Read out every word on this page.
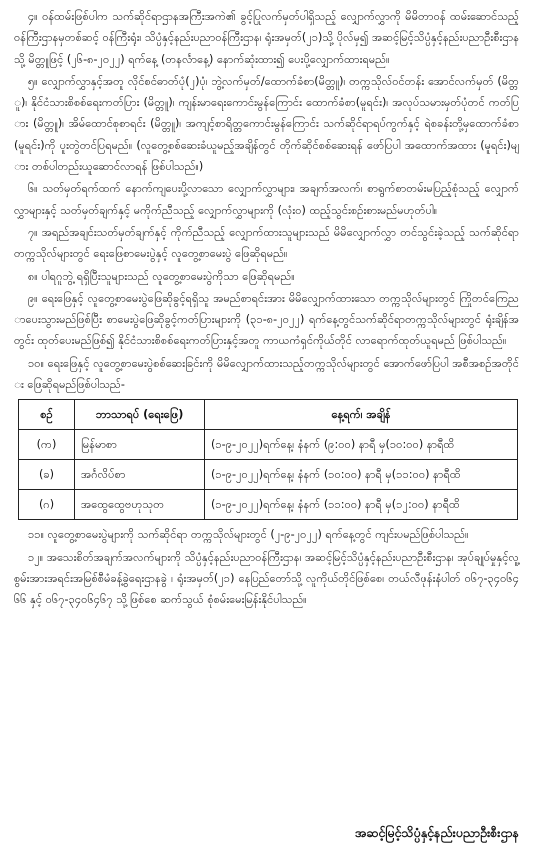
၄။ ဝန်ထမ်းဖြစ်ပါက သက်ဆိုင်ရာဌာနအကြီးအကဲ၏ ခွင့်ပြုလက်မှတ်ပါရှိသည့် လျှောက်လွှာကို မိမိတာဝန် ထမ်းဆောင်သည့် ဝန်ကြီးဌာနမှတစ်ဆင့် ဝန်ကြီးရုံး၊ သိပ္ပံနှင့်နည်းပညာဝန်ကြီးဌာန၊ ရုံးအမှတ်(၂၁)သို့ ပိုလ်မှ၍ အဆင့်မြင့်သိပ္ပံနှင့်နည်းပညာဦးစီးဌာနသို့ မိတ္တူဖြင့် (၂၆-၈-၂၀၂၂) ရက်နေ့ (တနင်္လာနေ့) နောက်ဆုံးထား၍ ပေးပို့လျှောက်ထားရမည်။

၅။ လျှောက်လွှာနှင့်အတူ လိုင်စင်ဓာတ်ပုံ(၂)ပုံ၊ ဘွဲ့လက်မှတ်/ထောက်ခံစာ(မိတ္တူ)၊ တက္ကသိုလ်ဝင်တန်း အောင်လက်မှတ် (မိတ္တူ)၊ နိုင်ငံသားစိစစ်ရေးကတ်ပြား (မိတ္တူ)၊ ကျန်းမာရေးကောင်းမွန်ကြောင်း ထောက်ခံစာ(မူရင်း)၊ အလုပ်သမားမှတ်ပုံတင် ကတ်ပြား (မိတ္တူ)၊ အိမ်ထောင်စုစာရင်း (မိတ္တူ)၊ အကျင့်စာရိတ္တကောင်းမွန်ကြောင်း သက်ဆိုင်ရာရပ်ကွက်နှင့် ရဲစခန်းတို့မှထောက်ခံစာ(မူရင်း)ကို ပူးတွဲတင်ပြရမည်။ (လူတွေ့စစ်ဆေးခံယူမည့်အချိန်တွင် တိုက်ဆိုင်စစ်ဆေးရန် ဖော်ပြပါ အထောက်အထား (မူရင်း)များ တစ်ပါတည်းယူဆောင်လာရန် ဖြစ်ပါသည်။)

၆။ သတ်မှတ်ရက်ထက် နောက်ကျပေးပို့လာသော လျှောက်လွှာများ၊ အချက်အလက်၊ စာရွက်စာတမ်းမပြည့်စုံသည့် လျှောက်လွှာများနှင့် သတ်မှတ်ချက်နှင့် မကိုက်ညီသည့် လျှောက်လွှာများကို (လုံးဝ) ထည့်သွင်းစဉ်းစားမည်မဟုတ်ပါ။

၇။ အရည်အချင်းသတ်မှတ်ချက်နှင့် ကိုက်ညီသည့် လျှောက်ထားသူများသည် မိမိလျှောက်လွှာ တင်သွင်းခဲ့သည့် သက်ဆိုင်ရာ တက္ကသိုလ်များတွင် ရေးဖြေစာမေးပွဲနှင့် လူတွေ့စာမေးပွဲ ဖြေဆိုရမည်။

၈။ ပါရဂူဘွဲ့ ရရှိပြီးသူများသည် လူတွေ့စာမေးပွဲကိုသာ ဖြေဆိုရမည်။

၉။ ရေးဖြေနှင့် လူတွေ့စာမေးပွဲဖြေဆိုခွင့်ရရှိသူ အမည်စာရင်းအား မိမိလျှောက်ထားသော တက္ကသိုလ်များတွင် ကြိုတင်ကြေညာပေးသွားမည်ဖြစ်ပြီး စာမေးပွဲဖြေဆိုခွင့်ကတ်ပြားများကို (၃၁-၈-၂၀၂၂) ရက်နေ့တွင်သက်ဆိုင်ရာတက္ကသိုလ်များတွင် ရုံးချိန်အတွင်း ထုတ်ပေးမည်ဖြစ်၍ နိုင်ငံသားစိစစ်ရေးကတ်ပြားနှင့်အတူ ကာယကံရှင်ကိုယ်တိုင် လာရောက်ထုတ်ယူရမည် ဖြစ်ပါသည်။

၁၀။ ရေးဖြေနှင့် လူတွေ့စာမေးပွဲစစ်ဆေးခြင်းကို မိမိလျှောက်ထားသည့်တက္ကသိုလ်များတွင် အောက်ဖော်ပြပါ အစီအစဉ်အတိုင်း ဖြေဆိုရမည်ဖြစ်ပါသည်-

စဉ်	ဘာသာရပ် (ရေးဖြေ)	နေ့ရက်၊ အချိန်
(က)	မြန်မာစာ	(၁-၉-၂၀၂၂)ရက်နေ့၊ နံနက် (၉:၀၀) နာရီ မှ(၁၀:၀၀) နာရီထိ
(ခ)	အင်္ဂလိပ်စာ	(၁-၉-၂၀၂၂)ရက်နေ့၊ နံနက် (၁၀:၀၀) နာရီ မှ(၁၁:၀၀) နာရီထိ
(ဂ)	အထွေထွေဗဟုသုတ	(၁-၉-၂၀၂၂)ရက်နေ့၊ နံနက် (၁၁:၀၀) နာရီ မှ(၁၂:၀၀) နာရီထိ

၁၁။ လူတွေ့စာမေးပွဲများကို သက်ဆိုင်ရာ တက္ကသိုလ်များတွင် (၂-၉-၂၀၂၂) ရက်နေ့တွင် ကျင်းပမည်ဖြစ်ပါသည်။

၁၂။ အသေးစိတ်အချက်အလက်များကို သိပ္ပံနှင့်နည်းပညာဝန်ကြီးဌာန၊ အဆင့်မြင့်သိပ္ပံနှင့်နည်းပညာဦးစီးဌာန၊ အုပ်ချုပ်မှုနှင့်လူ့စွမ်းအားအရင်းအမြစ်စီမံခန့်ခွဲရေးဌာနခွဲ ၊ ရုံးအမှတ်(၂၁) နေပြည်တော်သို့ လူကိုယ်တိုင်ဖြစ်စေ၊ တယ်လီဖုန်းနံပါတ် ၀၆၇-၃၄၀၆၄၆၆ နှင့် ၀၆၇-၃၄၀၆၄၆၇ သို့ဖြစ်စေ ဆက်သွယ် စုံစမ်းမေးမြန်းနိုင်ပါသည်။

အဆင့်မြင့်သိပ္ပံနှင့်နည်းပညာဦးစီးဌာန
